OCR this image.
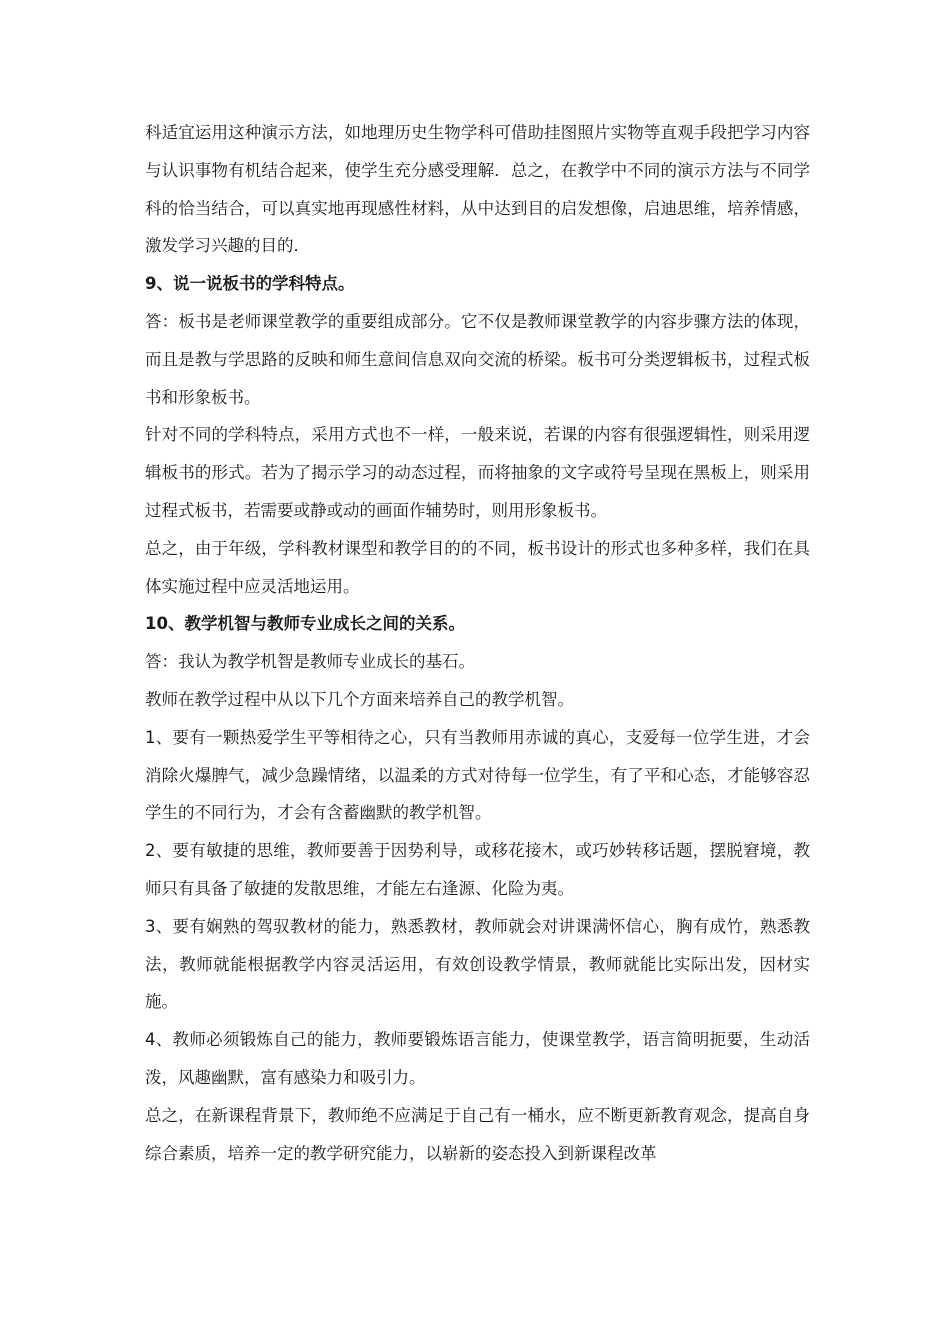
科适宜运用这种演示方法，如地理历史生物学科可借助挂图照片实物等直观手段把学习内容与认识事物有机结合起来，使学生充分感受理解．总之，在教学中不同的演示方法与不同学科的恰当结合，可以真实地再现感性材料，从中达到目的启发想像，启迪思维，培养情感，激发学习兴趣的目的．

9、说一说板书的学科特点。

答：板书是老师课堂教学的重要组成部分。它不仅是教师课堂教学的内容步骤方法的体现，而且是教与学思路的反映和师生意间信息双向交流的桥梁。板书可分类逻辑板书，过程式板书和形象板书。

针对不同的学科特点，采用方式也不一样，一般来说，若课的内容有很强逻辑性，则采用逻辑板书的形式。若为了揭示学习的动态过程，而将抽象的文字或符号呈现在黑板上，则采用过程式板书，若需要或静或动的画面作辅势时，则用形象板书。

总之，由于年级，学科教材课型和教学目的的不同，板书设计的形式也多种多样，我们在具体实施过程中应灵活地运用。

10、教学机智与教师专业成长之间的关系。

答：我认为教学机智是教师专业成长的基石。

教师在教学过程中从以下几个方面来培养自己的教学机智。

1、要有一颗热爱学生平等相待之心，只有当教师用赤诚的真心，支爱每一位学生进，才会消除火爆脾气，减少急躁情绪，以温柔的方式对待每一位学生，有了平和心态，才能够容忍学生的不同行为，才会有含蓄幽默的教学机智。

2、要有敏捷的思维，教师要善于因势利导，或移花接木，或巧妙转移话题，摆脱窘境，教师只有具备了敏捷的发散思维，才能左右逢源、化险为夷。

3、要有娴熟的驾驭教材的能力，熟悉教材，教师就会对讲课满怀信心，胸有成竹，熟悉教法，教师就能根据教学内容灵活运用，有效创设教学情景，教师就能比实际出发，因材实施。

4、教师必须锻炼自己的能力，教师要锻炼语言能力，使课堂教学，语言简明扼要，生动活泼，风趣幽默，富有感染力和吸引力。

总之，在新课程背景下，教师绝不应满足于自己有一桶水，应不断更新教育观念，提高自身综合素质，培养一定的教学研究能力，以崭新的姿态投入到新课程改革
